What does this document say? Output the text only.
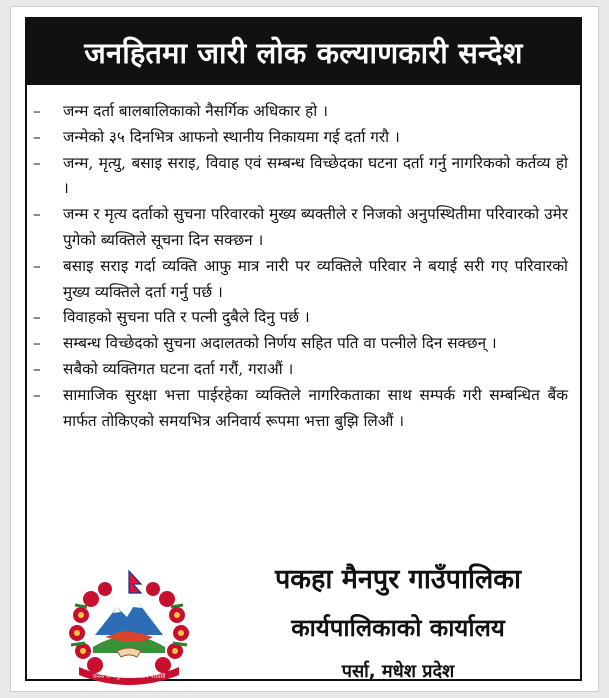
जनहितमा जारी लोक कल्याणकारी सन्देश
–	जन्म दर्ता बालबालिकाको नैसर्गिक अधिकार हो ।
–	जन्मेको ३५ दिनभित्र आफनो स्थानीय निकायमा गई दर्ता गरौ ।
–	जन्म, मृत्यु, बसाइ सराइ, विवाह एवं सम्बन्ध विच्छेदका घटना दर्ता गर्नु नागरिकको कर्तव्य हो ।
–	जन्म र मृत्य दर्ताको सुचना परिवारको मुख्य ब्यक्तीले र निजको अनुपस्थितीमा परिवारको उमेर पुगेको ब्यक्तिले सूचना दिन सक्छन ।
–	बसाइ सराइ गर्दा व्यक्ति आफु मात्र नारी पर व्यक्तिले परिवार ने बयाई सरी गए परिवारको मुख्य व्यक्तिले दर्ता गर्नु पर्छ ।
–	विवाहको सुचना पति र पत्नी दुबैले दिनु पर्छ ।
–	सम्बन्ध विच्छेदको सुचना अदालतको निर्णय सहित पति वा पत्नीले दिन सक्छन् ।
–	सबैको व्यक्तिगत घटना दर्ता गरौं, गराऔं ।
–	सामाजिक सुरक्षा भत्ता पाईरहेका व्यक्तिले नागरिकताका साथ सम्पर्क गरी सम्बन्धित बैंक मार्फत तोकिएको समयभित्र अनिवार्य रूपमा भत्ता बुझि लिऔं ।
जननी जन्मभूमिश्च स्वर्गादपि गरीयसी
पकहा मैनपुर गाउँपालिका
कार्यपालिकाको कार्यालय
पर्सा, मधेश प्रदेश
